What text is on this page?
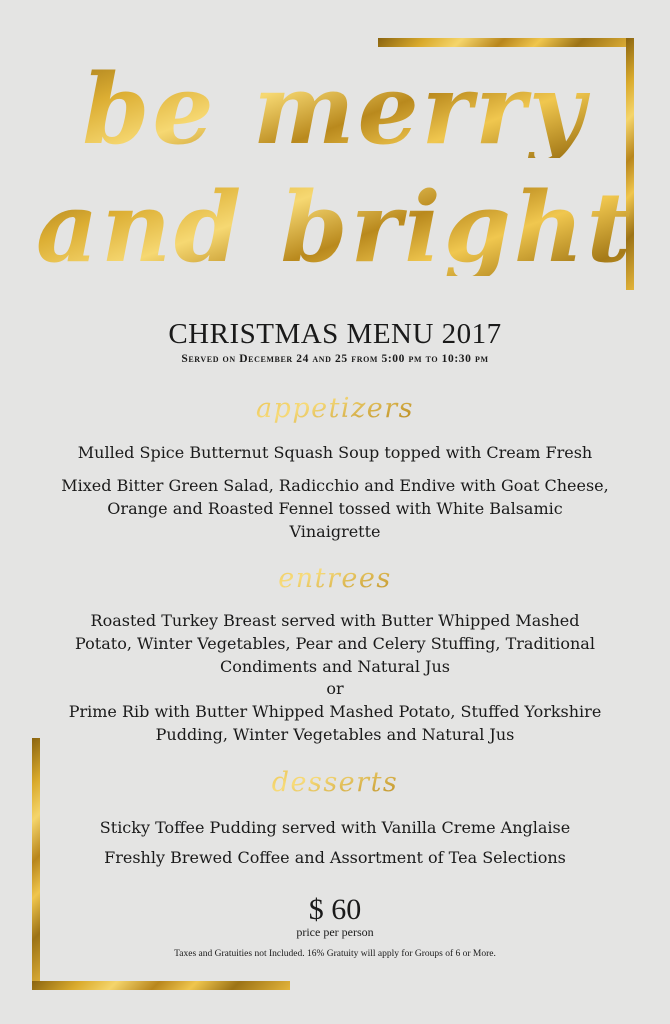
be merry
and bright
CHRISTMAS MENU 2017
Served on December 24 and 25 from 5:00 pm to 10:30 pm
appetizers
Mulled Spice Butternut Squash Soup topped with Cream Fresh
Mixed Bitter Green Salad, Radicchio and Endive with Goat Cheese, Orange and Roasted Fennel tossed with White Balsamic Vinaigrette
entrees
Roasted Turkey Breast served with Butter Whipped Mashed Potato, Winter Vegetables, Pear and Celery Stuffing, Traditional Condiments and Natural Jus
or
Prime Rib with Butter Whipped Mashed Potato, Stuffed Yorkshire Pudding, Winter Vegetables and Natural Jus
desserts
Sticky Toffee Pudding served with Vanilla Creme Anglaise
Freshly Brewed Coffee and Assortment of Tea Selections
$ 60
price per person
Taxes and Gratuities not Included. 16% Gratuity will apply for Groups of 6 or More.
